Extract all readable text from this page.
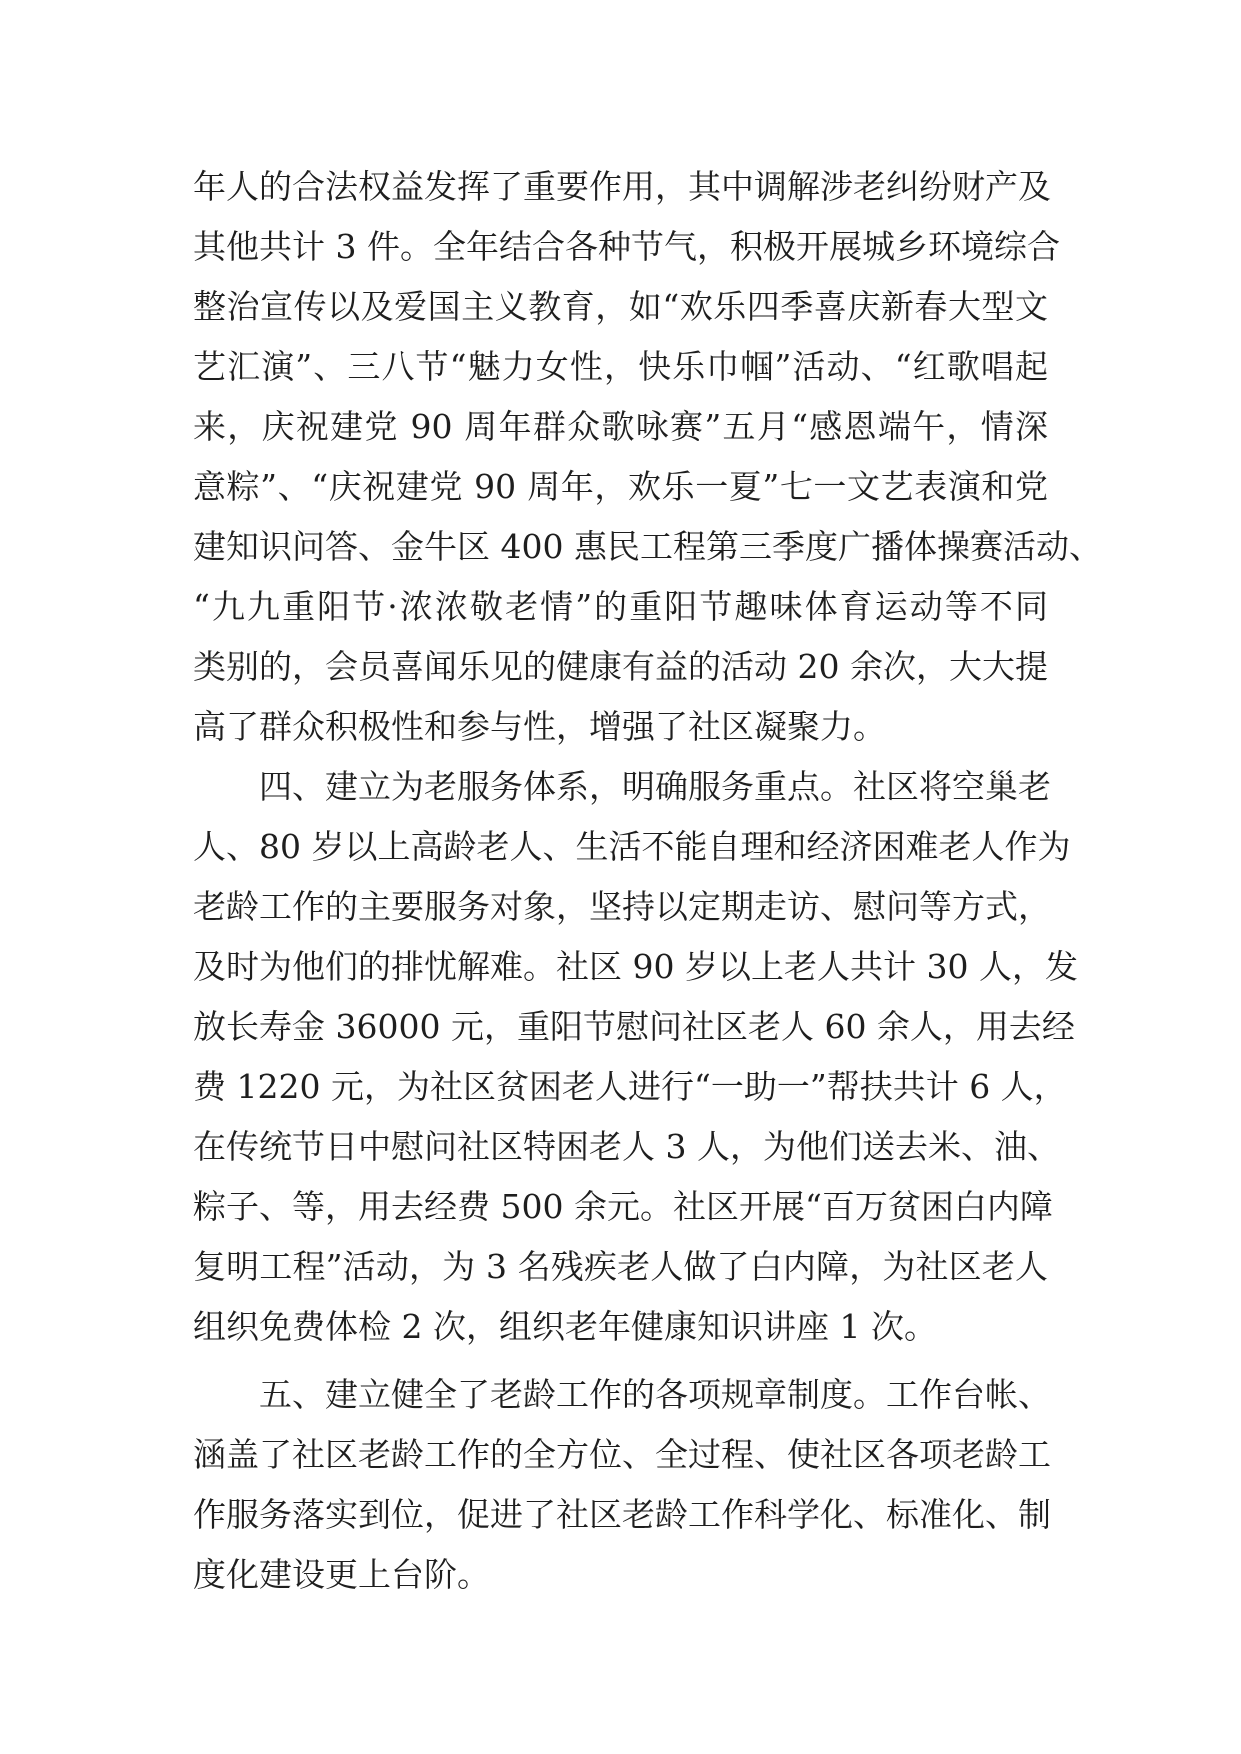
年人的合法权益发挥了重要作用，其中调解涉老纠纷财产及
其他共计 3 件。全年结合各种节气，积极开展城乡环境综合
整治宣传以及爱国主义教育，如“欢乐四季喜庆新春大型文
艺汇演”、三八节“魅力女性，快乐巾帼”活动、“红歌唱起
来，庆祝建党 90 周年群众歌咏赛”五月“感恩端午，情深
意粽”、“庆祝建党 90 周年，欢乐一夏”七一文艺表演和党
建知识问答、金牛区 400 惠民工程第三季度广播体操赛活动、
“九九重阳节·浓浓敬老情”的重阳节趣味体育运动等不同
类别的，会员喜闻乐见的健康有益的活动 20 余次，大大提
高了群众积极性和参与性，增强了社区凝聚力。
四、建立为老服务体系，明确服务重点。社区将空巢老
人、80 岁以上高龄老人、生活不能自理和经济困难老人作为
老龄工作的主要服务对象，坚持以定期走访、慰问等方式，
及时为他们的排忧解难。社区 90 岁以上老人共计 30 人，发
放长寿金 36000 元，重阳节慰问社区老人 60 余人，用去经
费 1220 元，为社区贫困老人进行“一助一”帮扶共计 6 人，
在传统节日中慰问社区特困老人 3 人，为他们送去米、油、
粽子、等，用去经费 500 余元。社区开展“百万贫困白内障
复明工程”活动，为 3 名残疾老人做了白内障，为社区老人
组织免费体检 2 次，组织老年健康知识讲座 1 次。
五、建立健全了老龄工作的各项规章制度。工作台帐、
涵盖了社区老龄工作的全方位、全过程、使社区各项老龄工
作服务落实到位，促进了社区老龄工作科学化、标准化、制
度化建设更上台阶。
